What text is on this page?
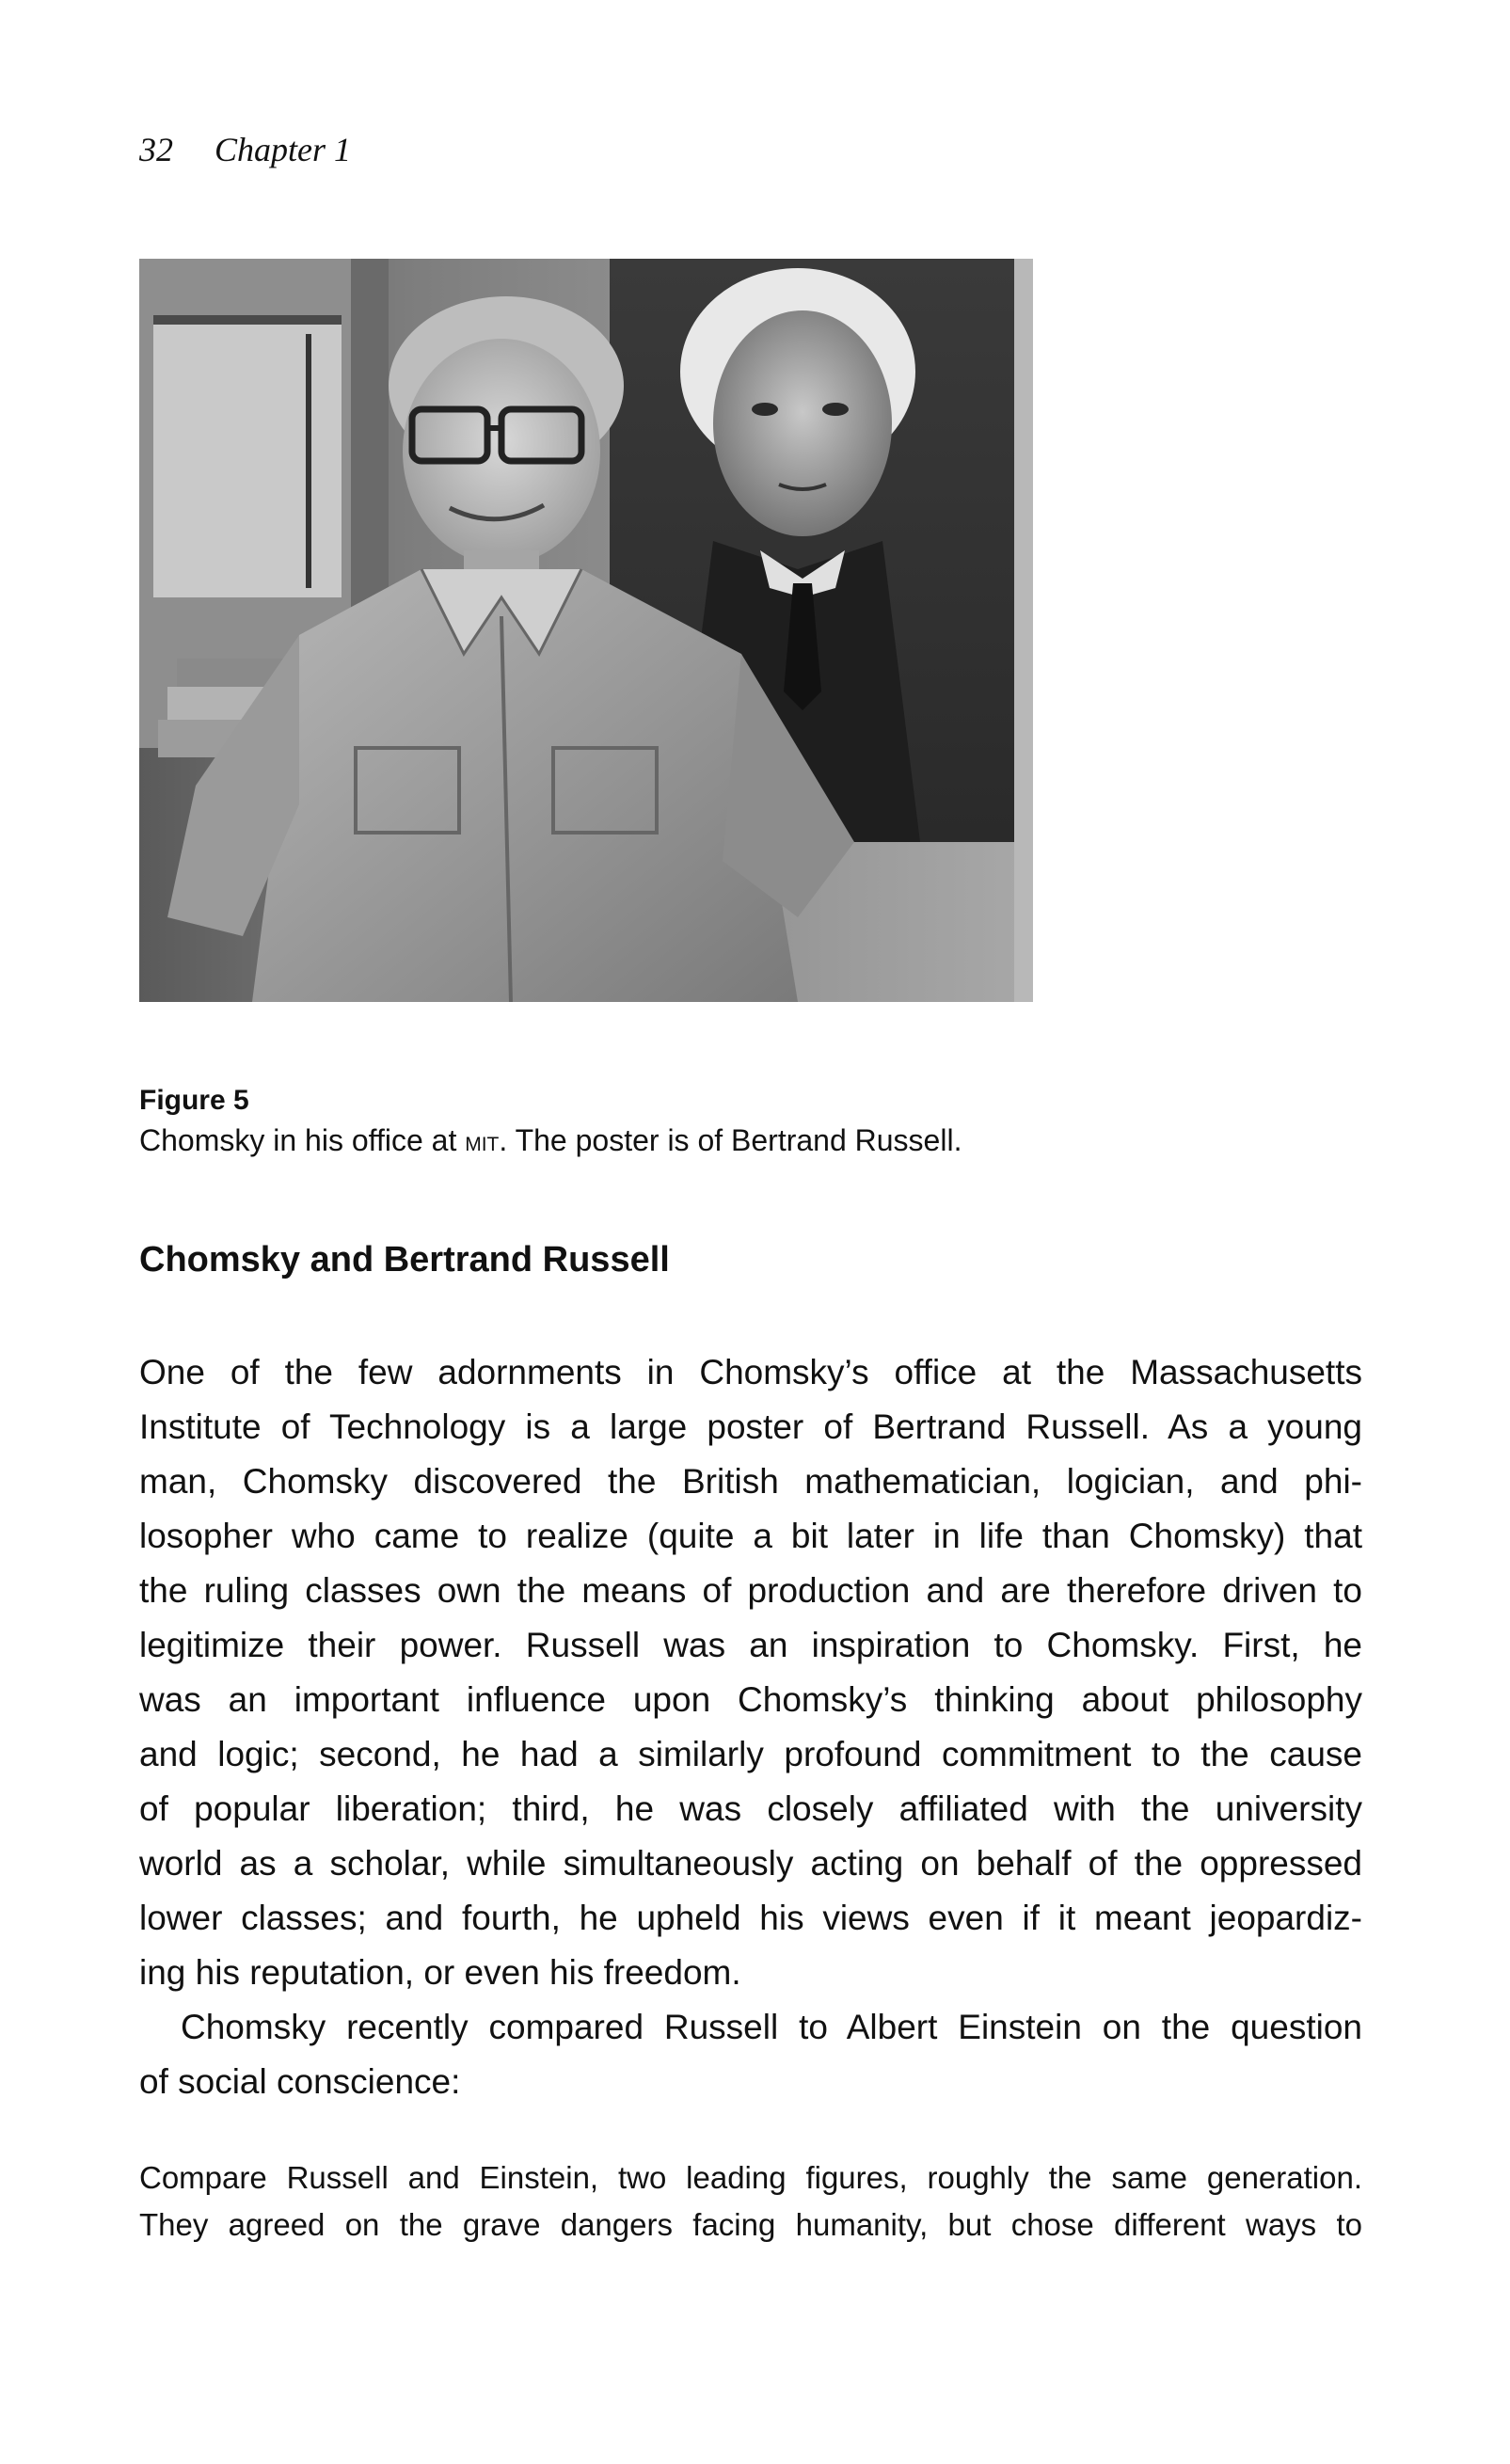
32 Chapter 1
Figure 5
Chomsky in his office at mit. The poster is of Bertrand Russell.
Chomsky and Bertrand Russell
One of the few adornments in Chomsky’s office at the Massachusetts
Institute of Technology is a large poster of Bertrand Russell. As a young
man, Chomsky discovered the British mathematician, logician, and phi-
losopher who came to realize (quite a bit later in life than Chomsky) that
the ruling classes own the means of production and are therefore driven to
legitimize their power. Russell was an inspiration to Chomsky. First, he
was an important influence upon Chomsky’s thinking about philosophy
and logic; second, he had a similarly profound commitment to the cause
of popular liberation; third, he was closely affiliated with the university
world as a scholar, while simultaneously acting on behalf of the oppressed
lower classes; and fourth, he upheld his views even if it meant jeopardiz-
ing his reputation, or even his freedom.
Chomsky recently compared Russell to Albert Einstein on the question
of social conscience:
Compare Russell and Einstein, two leading figures, roughly the same generation.
They agreed on the grave dangers facing humanity, but chose different ways to
